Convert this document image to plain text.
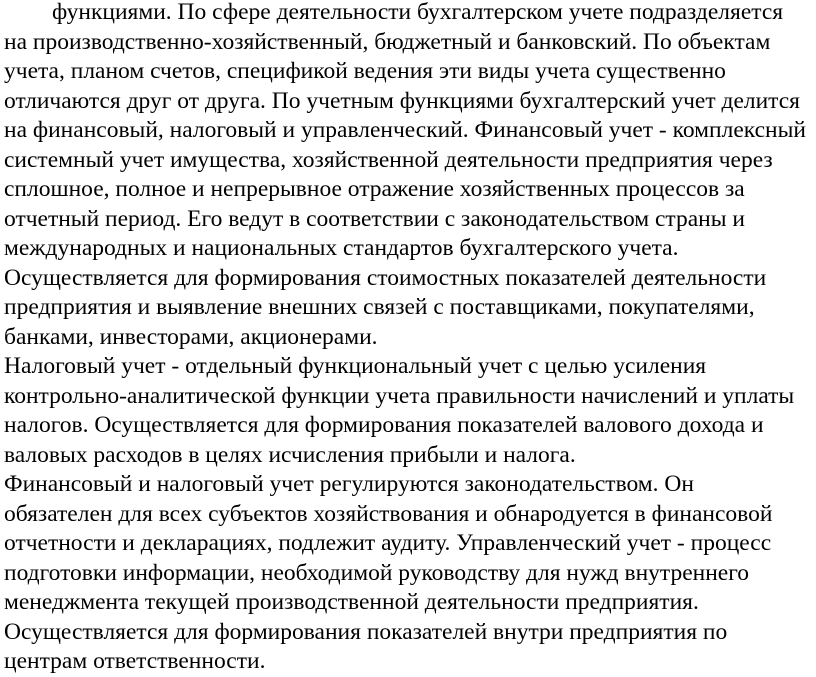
функциями. По сфере деятельности бухгалтерском учете подразделяется
на производственно-хозяйственный, бюджетный и банковский. По объектам
учета, планом счетов, спецификой ведения эти виды учета существенно
отличаются друг от друга. По учетным функциями бухгалтерский учет делится
на финансовый, налоговый и управленческий. Финансовый учет - комплексный
системный учет имущества, хозяйственной деятельности предприятия через
сплошное, полное и непрерывное отражение хозяйственных процессов за
отчетный период. Его ведут в соответствии с законодательством страны и
международных и национальных стандартов бухгалтерского учета.
Осуществляется для формирования стоимостных показателей деятельности
предприятия и выявление внешних связей с поставщиками, покупателями,
банками, инвесторами, акционерами.
Налоговый учет - отдельный функциональный учет с целью усиления
контрольно-аналитической функции учета правильности начислений и уплаты
налогов. Осуществляется для формирования показателей валового дохода и
валовых расходов в целях исчисления прибыли и налога.
Финансовый и налоговый учет регулируются законодательством. Он
обязателен для всех субъектов хозяйствования и обнародуется в финансовой
отчетности и декларациях, подлежит аудиту. Управленческий учет - процесс
подготовки информации, необходимой руководству для нужд внутреннего
менеджмента текущей производственной деятельности предприятия.
Осуществляется для формирования показателей внутри предприятия по
центрам ответственности.
